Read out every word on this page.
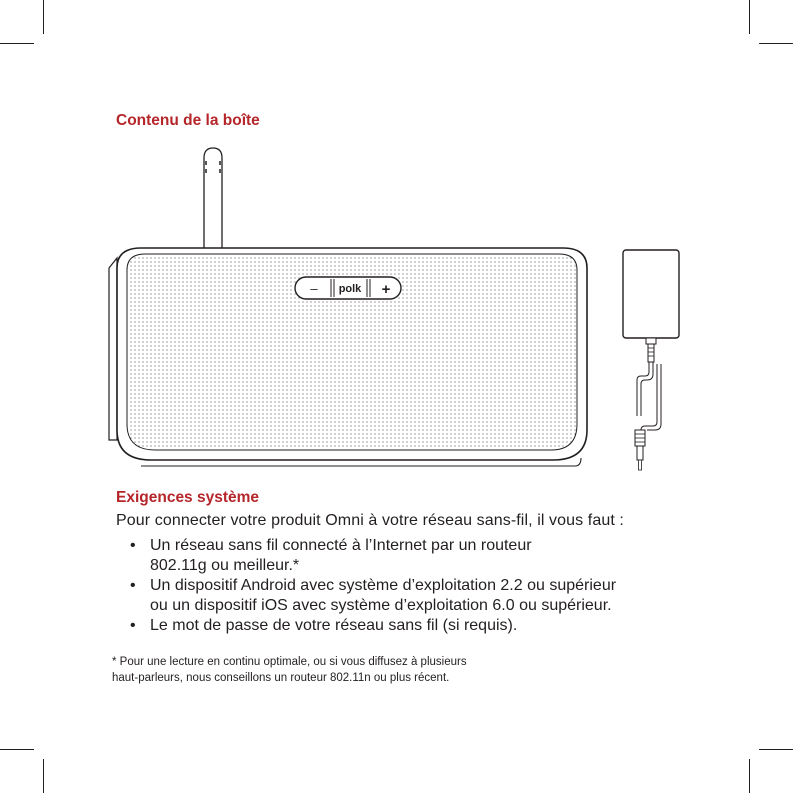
Contenu de la boîte
– polk +
Exigences système

Pour connecter votre produit Omni à votre réseau sans-fil, il vous faut :

• Un réseau sans fil connecté à l’Internet par un routeur
802.11g ou meilleur.*
• Un dispositif Android avec système d’exploitation 2.2 ou supérieur
ou un dispositif iOS avec système d’exploitation 6.0 ou supérieur.
• Le mot de passe de votre réseau sans fil (si requis).

* Pour une lecture en continu optimale, ou si vous diffusez à plusieurs
haut-parleurs, nous conseillons un routeur 802.11n ou plus récent.
